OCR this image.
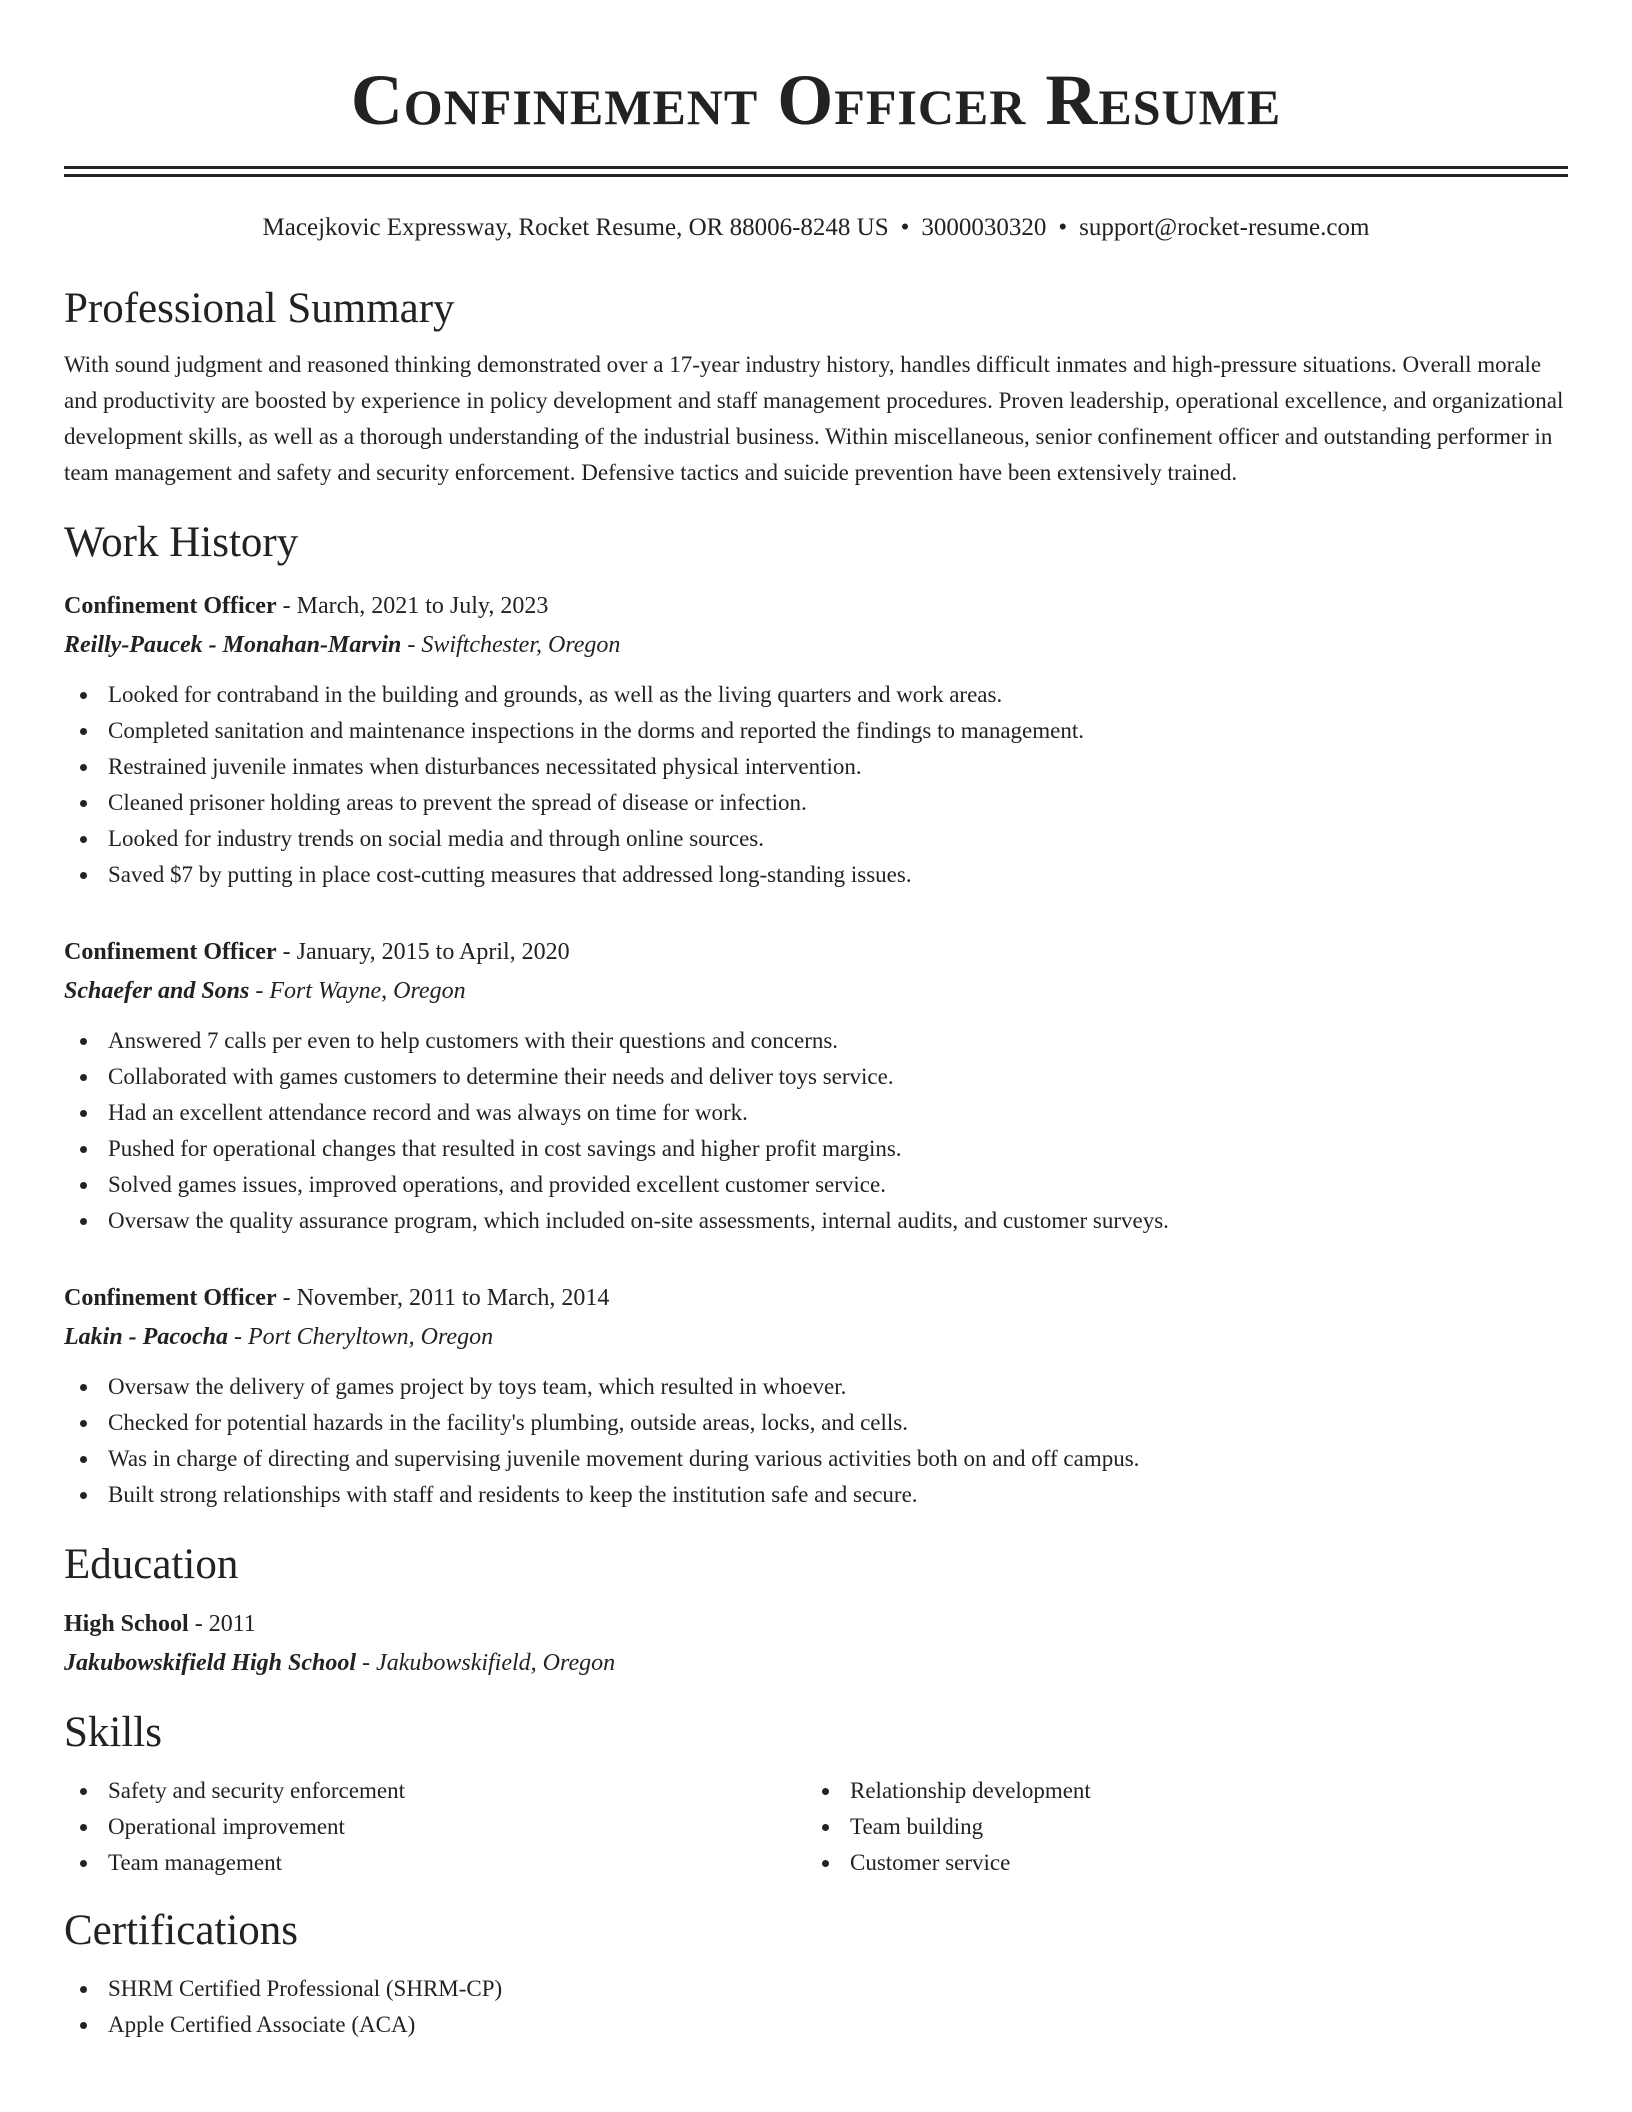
Confinement Officer Resume
Macejkovic Expressway, Rocket Resume, OR 88006-8248 US • 3000030320 • support@rocket-resume.com
Professional Summary
With sound judgment and reasoned thinking demonstrated over a 17-year industry history, handles difficult inmates and high-pressure situations. Overall morale and productivity are boosted by experience in policy development and staff management procedures. Proven leadership, operational excellence, and organizational development skills, as well as a thorough understanding of the industrial business. Within miscellaneous, senior confinement officer and outstanding performer in team management and safety and security enforcement. Defensive tactics and suicide prevention have been extensively trained.
Work History
Confinement Officer - March, 2021 to July, 2023
Reilly-Paucek - Monahan-Marvin - Swiftchester, Oregon
Looked for contraband in the building and grounds, as well as the living quarters and work areas.
Completed sanitation and maintenance inspections in the dorms and reported the findings to management.
Restrained juvenile inmates when disturbances necessitated physical intervention.
Cleaned prisoner holding areas to prevent the spread of disease or infection.
Looked for industry trends on social media and through online sources.
Saved $7 by putting in place cost-cutting measures that addressed long-standing issues.
Confinement Officer - January, 2015 to April, 2020
Schaefer and Sons - Fort Wayne, Oregon
Answered 7 calls per even to help customers with their questions and concerns.
Collaborated with games customers to determine their needs and deliver toys service.
Had an excellent attendance record and was always on time for work.
Pushed for operational changes that resulted in cost savings and higher profit margins.
Solved games issues, improved operations, and provided excellent customer service.
Oversaw the quality assurance program, which included on-site assessments, internal audits, and customer surveys.
Confinement Officer - November, 2011 to March, 2014
Lakin - Pacocha - Port Cheryltown, Oregon
Oversaw the delivery of games project by toys team, which resulted in whoever.
Checked for potential hazards in the facility's plumbing, outside areas, locks, and cells.
Was in charge of directing and supervising juvenile movement during various activities both on and off campus.
Built strong relationships with staff and residents to keep the institution safe and secure.
Education
High School - 2011
Jakubowskifield High School - Jakubowskifield, Oregon
Skills
Safety and security enforcement
Operational improvement
Team management
Relationship development
Team building
Customer service
Certifications
SHRM Certified Professional (SHRM-CP)
Apple Certified Associate (ACA)
